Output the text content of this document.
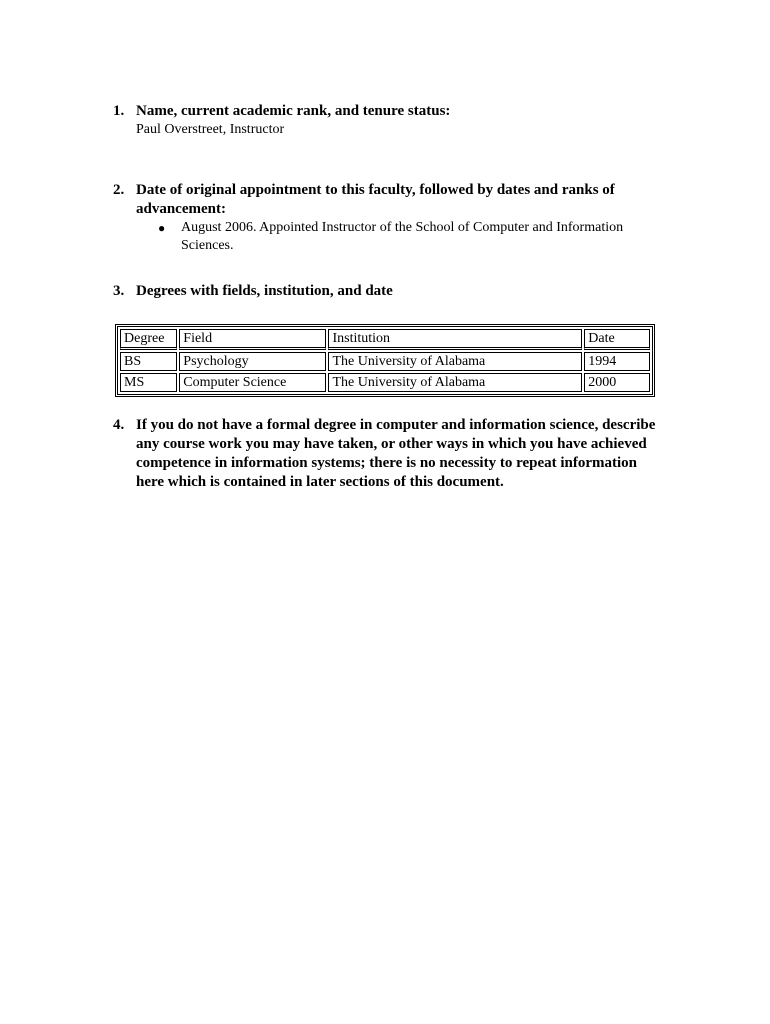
1. Name, current academic rank, and tenure status:
Paul Overstreet, Instructor
2. Date of original appointment to this faculty, followed by dates and ranks of advancement:
●	August 2006. Appointed Instructor of the School of Computer and Information Sciences.
3. Degrees with fields, institution, and date
Degree	Field	Institution	Date
BS	Psychology	The University of Alabama	1994
MS	Computer Science	The University of Alabama	2000
4. If you do not have a formal degree in computer and information science, describe any course work you may have taken, or other ways in which you have achieved competence in information systems; there is no necessity to repeat information here which is contained in later sections of this document.
